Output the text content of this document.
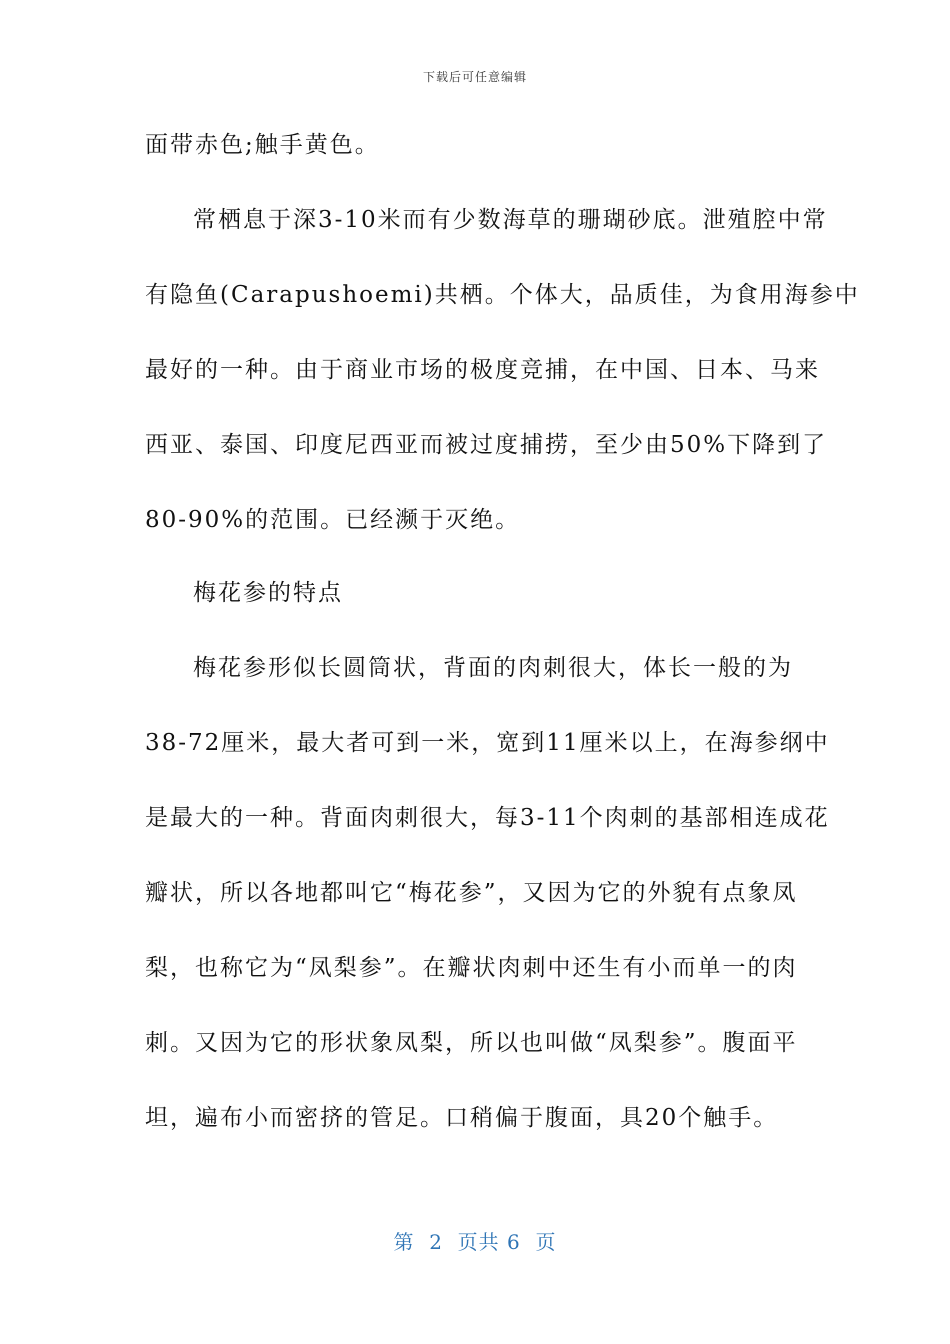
下载后可任意编辑
面带赤色;触手黄色。
常栖息于深3-10米而有少数海草的珊瑚砂底。泄殖腔中常
有隐鱼(Carapushoemi)共栖。个体大，品质佳，为食用海参中
最好的一种。由于商业市场的极度竞捕，在中国、日本、马来
西亚、泰国、印度尼西亚而被过度捕捞，至少由50%下降到了
80-90%的范围。已经濒于灭绝。
梅花参的特点
梅花参形似长圆筒状，背面的肉刺很大，体长一般的为
38-72厘米，最大者可到一米，宽到11厘米以上，在海参纲中
是最大的一种。背面肉刺很大，每3-11个肉刺的基部相连成花
瓣状，所以各地都叫它“梅花参”，又因为它的外貌有点象凤
梨，也称它为“凤梨参”。在瓣状肉刺中还生有小而单一的肉
刺。又因为它的形状象凤梨，所以也叫做“凤梨参”。腹面平
坦，遍布小而密挤的管足。口稍偏于腹面，具20个触手。
第  2  页共 6  页
